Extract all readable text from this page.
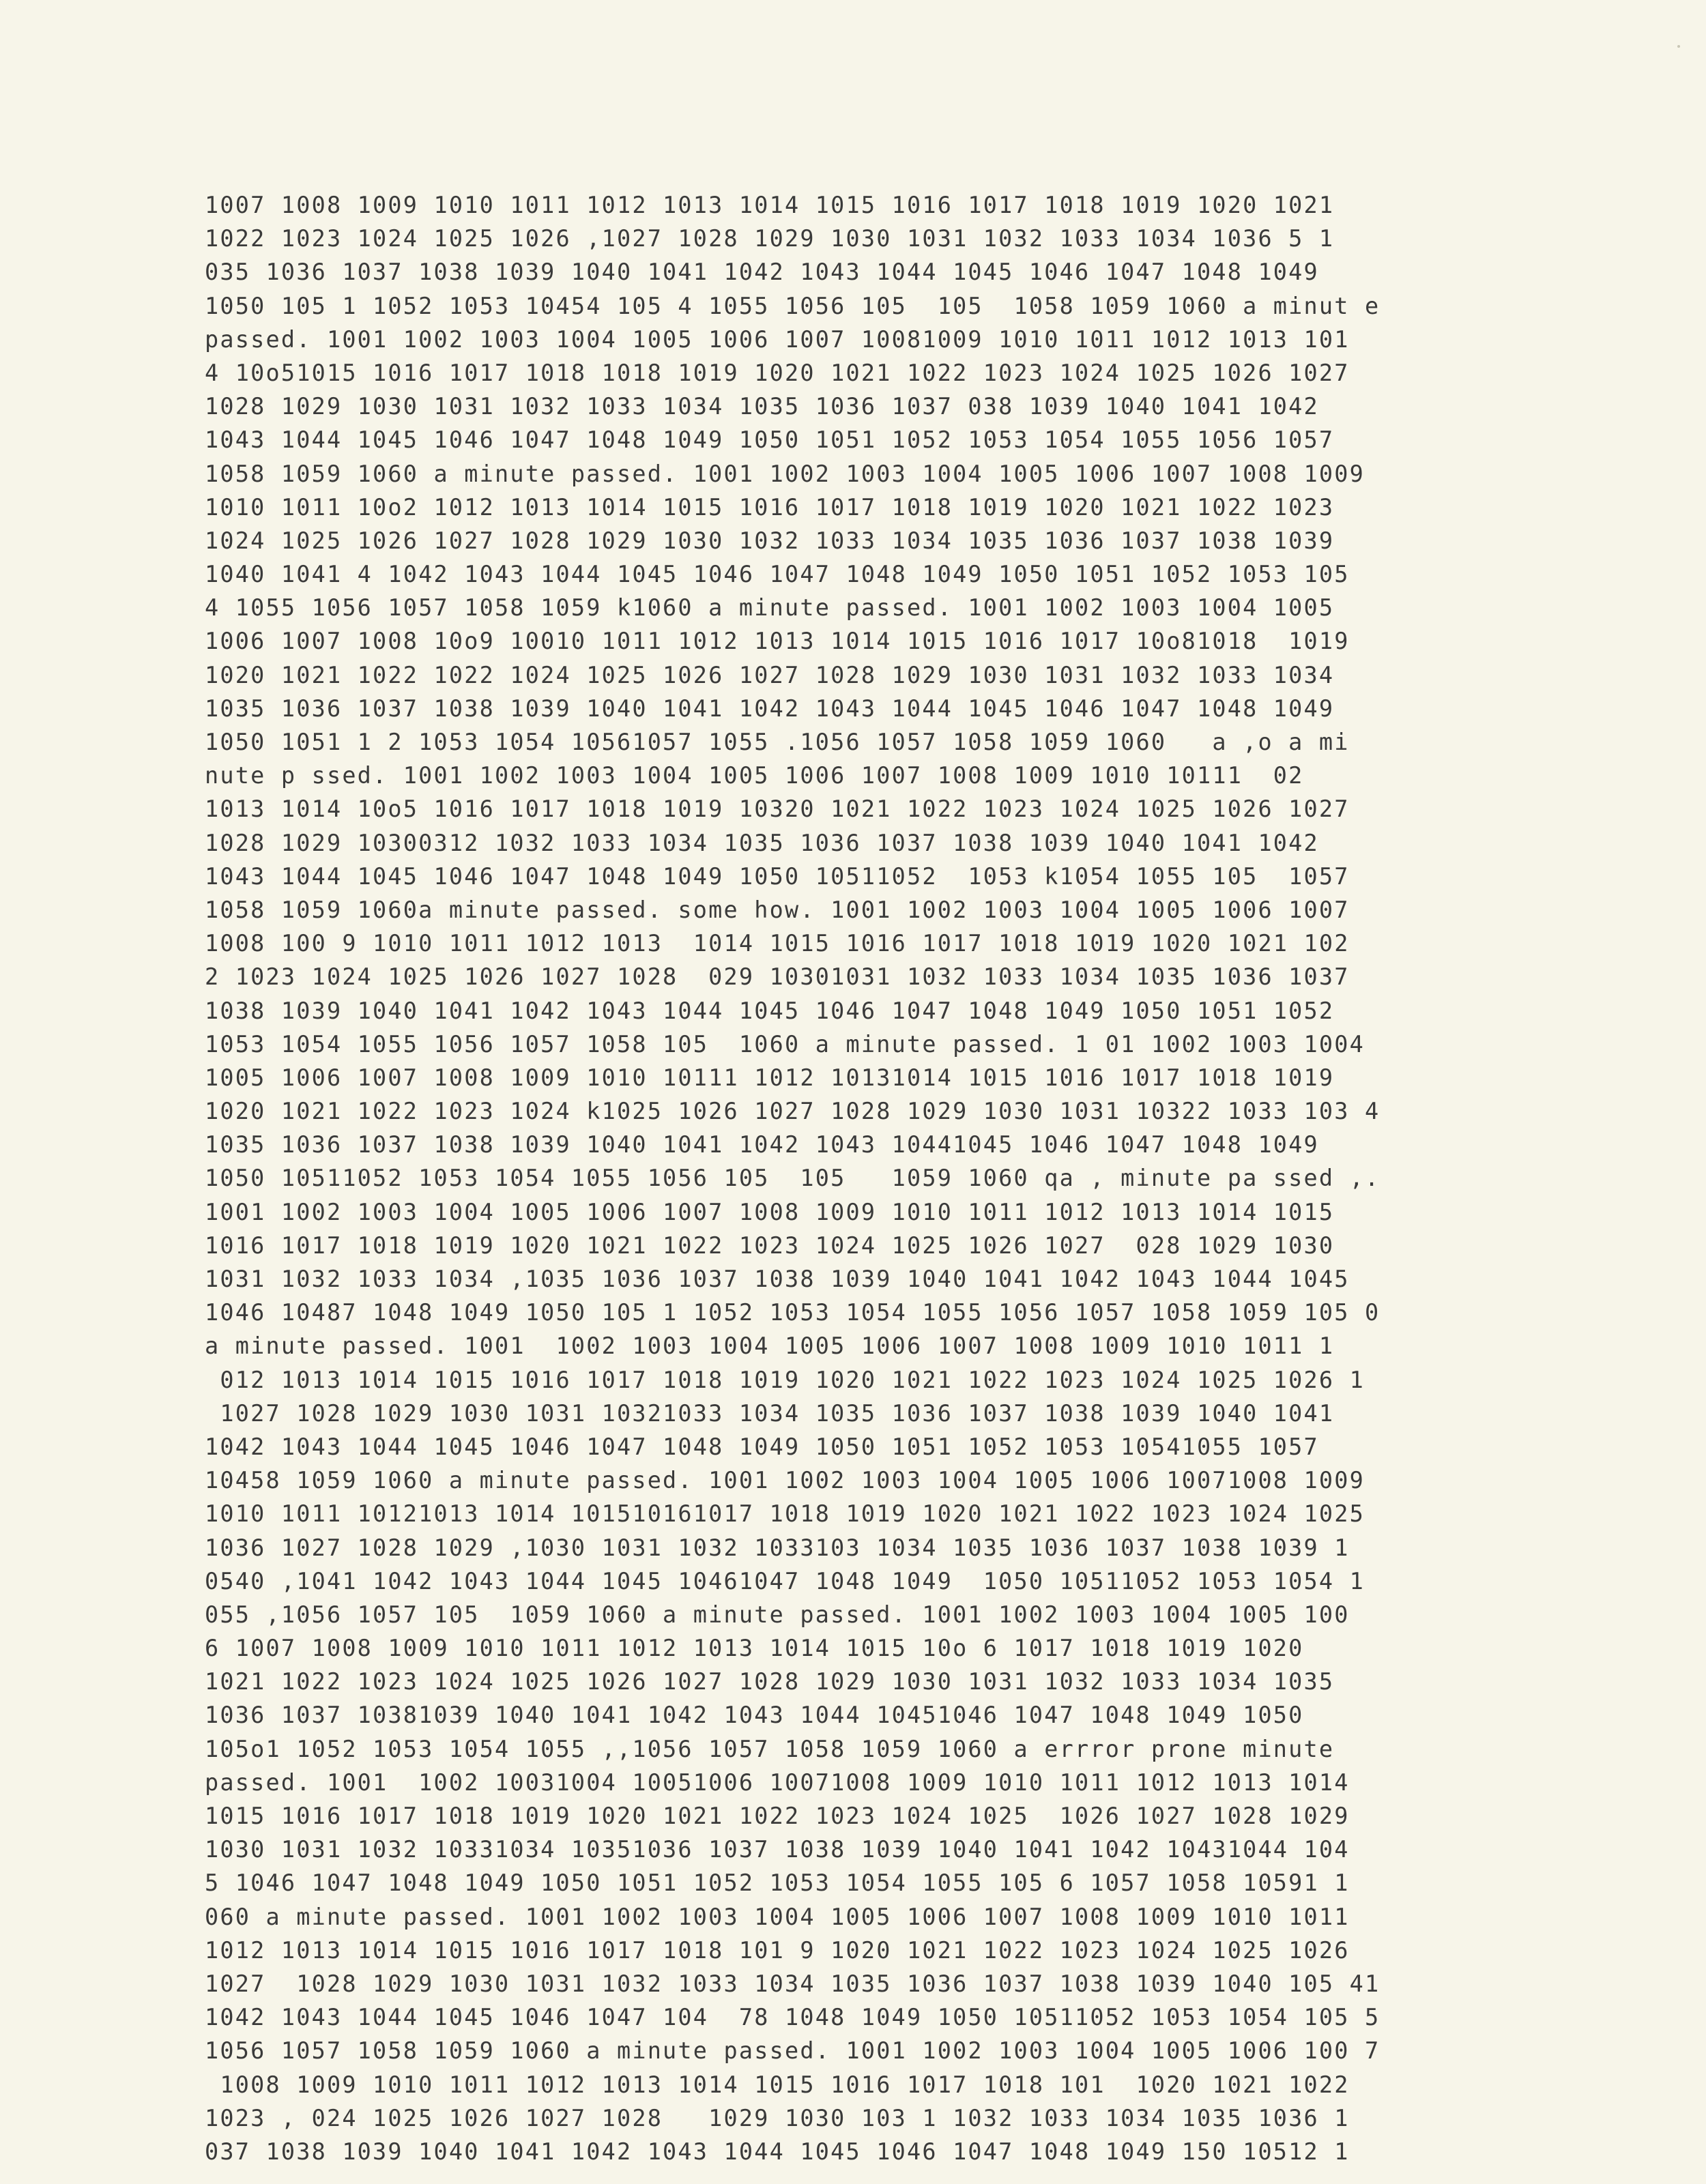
1007 1008 1009 1010 1011 1012 1013 1014 1015 1016 1017 1018 1019 1020 1021
1022 1023 1024 1025 1026 ,1027 1028 1029 1030 1031 1032 1033 1034 1036 5 1
035 1036 1037 1038 1039 1040 1041 1042 1043 1044 1045 1046 1047 1048 1049
1050 105 1 1052 1053 10454 105 4 1055 1056 105  105  1058 1059 1060 a minut e
passed. 1001 1002 1003 1004 1005 1006 1007 10081009 1010 1011 1012 1013 101
4 10o51015 1016 1017 1018 1018 1019 1020 1021 1022 1023 1024 1025 1026 1027
1028 1029 1030 1031 1032 1033 1034 1035 1036 1037 038 1039 1040 1041 1042
1043 1044 1045 1046 1047 1048 1049 1050 1051 1052 1053 1054 1055 1056 1057
1058 1059 1060 a minute passed. 1001 1002 1003 1004 1005 1006 1007 1008 1009
1010 1011 10o2 1012 1013 1014 1015 1016 1017 1018 1019 1020 1021 1022 1023
1024 1025 1026 1027 1028 1029 1030 1032 1033 1034 1035 1036 1037 1038 1039
1040 1041 4 1042 1043 1044 1045 1046 1047 1048 1049 1050 1051 1052 1053 105
4 1055 1056 1057 1058 1059 k1060 a minute passed. 1001 1002 1003 1004 1005
1006 1007 1008 10o9 10010 1011 1012 1013 1014 1015 1016 1017 10o81018  1019
1020 1021 1022 1022 1024 1025 1026 1027 1028 1029 1030 1031 1032 1033 1034
1035 1036 1037 1038 1039 1040 1041 1042 1043 1044 1045 1046 1047 1048 1049
1050 1051 1 2 1053 1054 10561057 1055 .1056 1057 1058 1059 1060   a ,o a mi
nute p ssed. 1001 1002 1003 1004 1005 1006 1007 1008 1009 1010 10111  02
1013 1014 10o5 1016 1017 1018 1019 10320 1021 1022 1023 1024 1025 1026 1027
1028 1029 10300312 1032 1033 1034 1035 1036 1037 1038 1039 1040 1041 1042
1043 1044 1045 1046 1047 1048 1049 1050 10511052  1053 k1054 1055 105  1057
1058 1059 1060a minute passed. some how. 1001 1002 1003 1004 1005 1006 1007
1008 100 9 1010 1011 1012 1013  1014 1015 1016 1017 1018 1019 1020 1021 102
2 1023 1024 1025 1026 1027 1028  029 10301031 1032 1033 1034 1035 1036 1037
1038 1039 1040 1041 1042 1043 1044 1045 1046 1047 1048 1049 1050 1051 1052
1053 1054 1055 1056 1057 1058 105  1060 a minute passed. 1 01 1002 1003 1004
1005 1006 1007 1008 1009 1010 10111 1012 10131014 1015 1016 1017 1018 1019
1020 1021 1022 1023 1024 k1025 1026 1027 1028 1029 1030 1031 10322 1033 103 4
1035 1036 1037 1038 1039 1040 1041 1042 1043 10441045 1046 1047 1048 1049
1050 10511052 1053 1054 1055 1056 105  105   1059 1060 qa , minute pa ssed ,.
1001 1002 1003 1004 1005 1006 1007 1008 1009 1010 1011 1012 1013 1014 1015
1016 1017 1018 1019 1020 1021 1022 1023 1024 1025 1026 1027  028 1029 1030
1031 1032 1033 1034 ,1035 1036 1037 1038 1039 1040 1041 1042 1043 1044 1045
1046 10487 1048 1049 1050 105 1 1052 1053 1054 1055 1056 1057 1058 1059 105 0
a minute passed. 1001  1002 1003 1004 1005 1006 1007 1008 1009 1010 1011 1
012 1013 1014 1015 1016 1017 1018 1019 1020 1021 1022 1023 1024 1025 1026 1
1027 1028 1029 1030 1031 10321033 1034 1035 1036 1037 1038 1039 1040 1041
1042 1043 1044 1045 1046 1047 1048 1049 1050 1051 1052 1053 10541055 1057
10458 1059 1060 a minute passed. 1001 1002 1003 1004 1005 1006 10071008 1009
1010 1011 10121013 1014 101510161017 1018 1019 1020 1021 1022 1023 1024 1025
1036 1027 1028 1029 ,1030 1031 1032 1033103 1034 1035 1036 1037 1038 1039 1
0540 ,1041 1042 1043 1044 1045 10461047 1048 1049  1050 10511052 1053 1054 1
055 ,1056 1057 105  1059 1060 a minute passed. 1001 1002 1003 1004 1005 100
6 1007 1008 1009 1010 1011 1012 1013 1014 1015 10o 6 1017 1018 1019 1020
1021 1022 1023 1024 1025 1026 1027 1028 1029 1030 1031 1032 1033 1034 1035
1036 1037 10381039 1040 1041 1042 1043 1044 10451046 1047 1048 1049 1050
105o1 1052 1053 1054 1055 ,,1056 1057 1058 1059 1060 a errror prone minute
passed. 1001  1002 10031004 10051006 10071008 1009 1010 1011 1012 1013 1014
1015 1016 1017 1018 1019 1020 1021 1022 1023 1024 1025  1026 1027 1028 1029
1030 1031 1032 10331034 10351036 1037 1038 1039 1040 1041 1042 10431044 104
5 1046 1047 1048 1049 1050 1051 1052 1053 1054 1055 105 6 1057 1058 10591 1
060 a minute passed. 1001 1002 1003 1004 1005 1006 1007 1008 1009 1010 1011
1012 1013 1014 1015 1016 1017 1018 101 9 1020 1021 1022 1023 1024 1025 1026
1027  1028 1029 1030 1031 1032 1033 1034 1035 1036 1037 1038 1039 1040 105 41
1042 1043 1044 1045 1046 1047 104  78 1048 1049 1050 10511052 1053 1054 105 5
1056 1057 1058 1059 1060 a minute passed. 1001 1002 1003 1004 1005 1006 100 7
1008 1009 1010 1011 1012 1013 1014 1015 1016 1017 1018 101  1020 1021 1022
1023 , 024 1025 1026 1027 1028   1029 1030 103 1 1032 1033 1034 1035 1036 1
037 1038 1039 1040 1041 1042 1043 1044 1045 1046 1047 1048 1049 150 10512 1
